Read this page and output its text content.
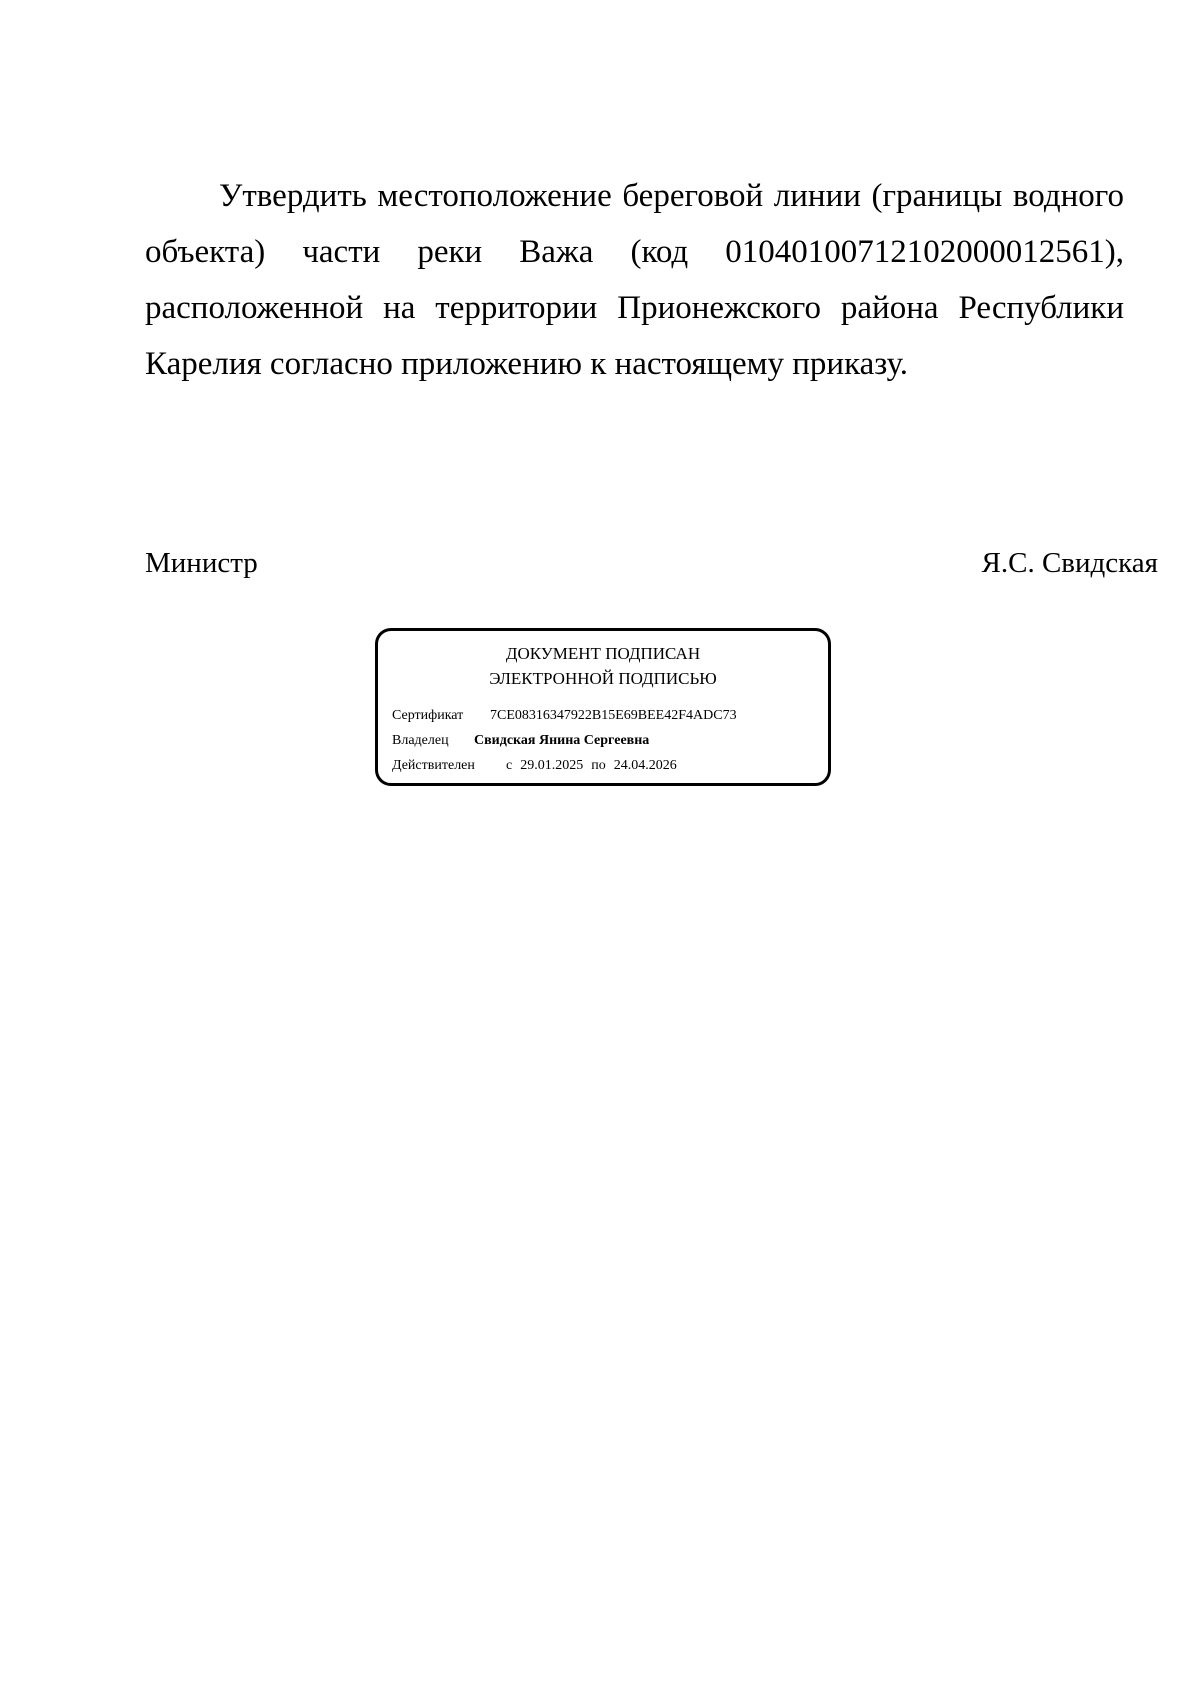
Утвердить местоположение береговой линии (границы водного объекта) части реки Важа (код 01040100712102000012561), расположенной на территории Прионежского района Республики Карелия согласно приложению к настоящему приказу.

Министр	Я.С. Свидская
ДОКУМЕНТ ПОДПИСАН
ЭЛЕКТРОННОЙ ПОДПИСЬЮ
Сертификат 7CE08316347922B15E69BEE42F4ADC73
Владелец Свидская Янина Сергеевна
Действителен с 29.01.2025 по 24.04.2026
